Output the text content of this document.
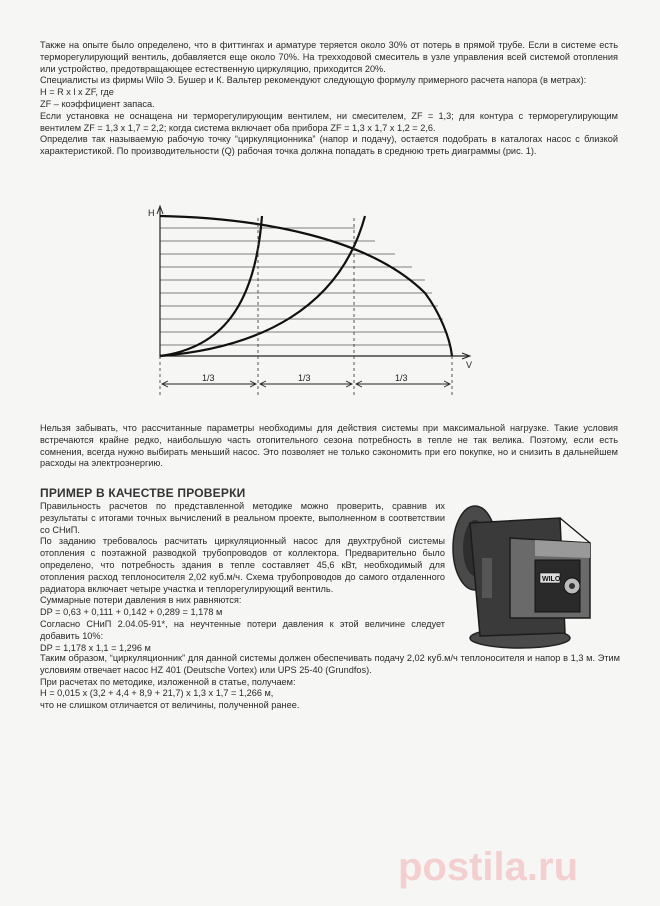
Также на опыте было определено, что в фиттингах и арматуре теряется около 30% от потерь в прямой трубе. Если в системе есть терморегулирующий вентиль, добавляется еще около 70%. На трехходовой смеситель в узле управления всей системой отопления или устройство, предотвращающее естественную циркуляцию, приходится 20%.

Специалисты из фирмы Wilo Э. Бушер и К. Вальтер рекомендуют следующую формулу примерного расчета напора (в метрах):

H = R x l x ZF, где

ZF – коэффициент запаса.

Если установка не оснащена ни терморегулирующим вентилем, ни смесителем, ZF = 1,3; для контура с терморегулирующим вентилем ZF = 1,3 x 1,7 = 2,2; когда система включает оба прибора ZF = 1,3 x 1,7 x 1,2 = 2,6.

Определив так называемую рабочую точку “циркуляционника” (напор и подачу), остается подобрать в каталогах насос с близкой характеристикой. По производительности (Q) рабочая точка должна попадать в среднюю треть диаграммы (рис. 1).

H
V
1/3	1/3	1/3

Нельзя забывать, что рассчитанные параметры необходимы для действия системы при максимальной нагрузке. Такие условия встречаются крайне редко, наибольшую часть отопительного сезона потребность в тепле не так велика. Поэтому, если есть сомнения, всегда нужно выбирать меньший насос. Это позволяет не только сэкономить при его покупке, но и снизить в дальнейшем расходы на электроэнергию.

ПРИМЕР В КАЧЕСТВЕ ПРОВЕРКИ

Правильность расчетов по представленной методике можно проверить, сравнив их результаты с итогами точных вычислений в реальном проекте, выполненном в соответствии со СНиП.

По заданию требовалось расчитать циркуляционный насос для двухтрубной системы отопления с поэтажной разводкой трубопроводов от коллектора. Предварительно было определено, что потребность здания в тепле составляет 45,6 кВт, необходимый для отопления расход теплоносителя 2,02 куб.м/ч. Схема трубопроводов до самого отдаленного радиатора включает четыре участка и теплорегулирующий вентиль.

Суммарные потери давления в них равняются:

DP = 0,63 + 0,111 + 0,142 + 0,289 = 1,178 м

Согласно СНиП 2.04.05-91*, на неучтенные потери давления к этой величине следует добавить 10%:

DP = 1,178 x 1,1 = 1,296 м

Таким образом, “циркуляционник” для данной системы должен обеспечивать подачу 2,02 куб.м/ч теплоносителя и напор в 1,3 м. Этим условиям отвечает насос HZ 401 (Deutsche Vortex) или UPS 25-40 (Grundfos).

При расчетах по методике, изложенной в статье, получаем:

H = 0,015 x (3,2 + 4,4 + 8,9 + 21,7) x 1,3 x 1,7 = 1,266 м,

что не слишком отличается от величины, полученной ранее.

WILO
postila.ru
